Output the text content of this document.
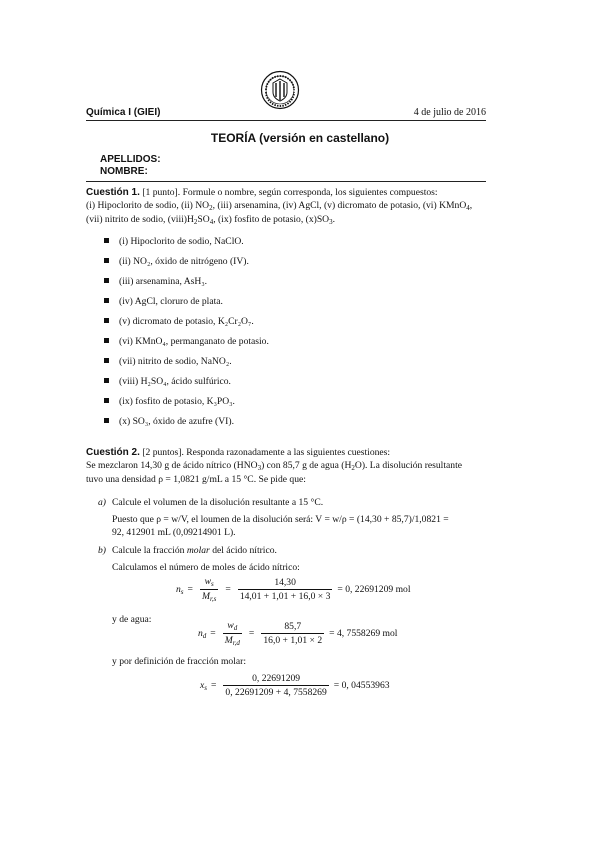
Química I (GIEI)	4 de julio de 2016
TEORÍA (versión en castellano)
APELLIDOS:
NOMBRE:
Cuestión 1. [1 punto]. Formule o nombre, según corresponda, los siguientes compuestos:
(i) Hipoclorito de sodio, (ii) $NO_2$, (iii) arsenamina, (iv) AgCl, (v) dicromato de potasio, (vi) KMnO$_4$,
(vii) nitrito de sodio, $(viii)H_2SO_4$, (ix) fosfito de potasio, $(x)SO_3$.
(i) Hipoclorito de sodio, NaClO.
(ii) NO₂, óxido de nitrógeno (IV).
(iii) arsenamina, AsH₃.
(iv) AgCl, cloruro de plata.
(v) dicromato de potasio, K₂Cr₂O₇.
(vi) KMnO₄, permanganato de potasio.
(vii) nitrito de sodio, NaNO₂.
(viii) H₂SO₄, ácido sulfúrico.
(ix) fosfito de potasio, K₃PO₃.
(x) SO₃, óxido de azufre (VI).
Cuestión 2. [2 puntos]. Responda razonadamente a las siguientes cuestiones:
Se mezclaron 14,30 g de ácido nítrico $(HNO_3)$ con 85,7 g de agua $(H_2O)$. La disolución resultante
tuvo una densidad ρ = 1,0821 g/mL a 15 °C. Se pide que:
a) Calcule el volumen de la disolución resultante a 15 °C.
Puesto que ρ = w/V, el loumen de la disolución será: V = w/ρ = (14,30 + 85,7)/1,0821 =
92, 412901 mL (0,09214901 L).
b) Calcule la fracción molar del ácido nítrico.
Calculamos el número de moles de ácido nítrico:
$n_s = \frac{w_s}{M_{r,s}} = \frac{14,30}{14,01 + 1,01 + 16,0 \times 3} = 0$, 22691209 mol
y de agua:
$n_d = \frac{w_d}{M_{r,d}} = \frac{85,7}{16,0 + 1,01 \times 2} = 4$, 7558269 mol
y por definición de fracción molar:
$x_s = \frac{0, 22691209}{0, 22691209 + 4, 7558269} = 0$, 04553963
